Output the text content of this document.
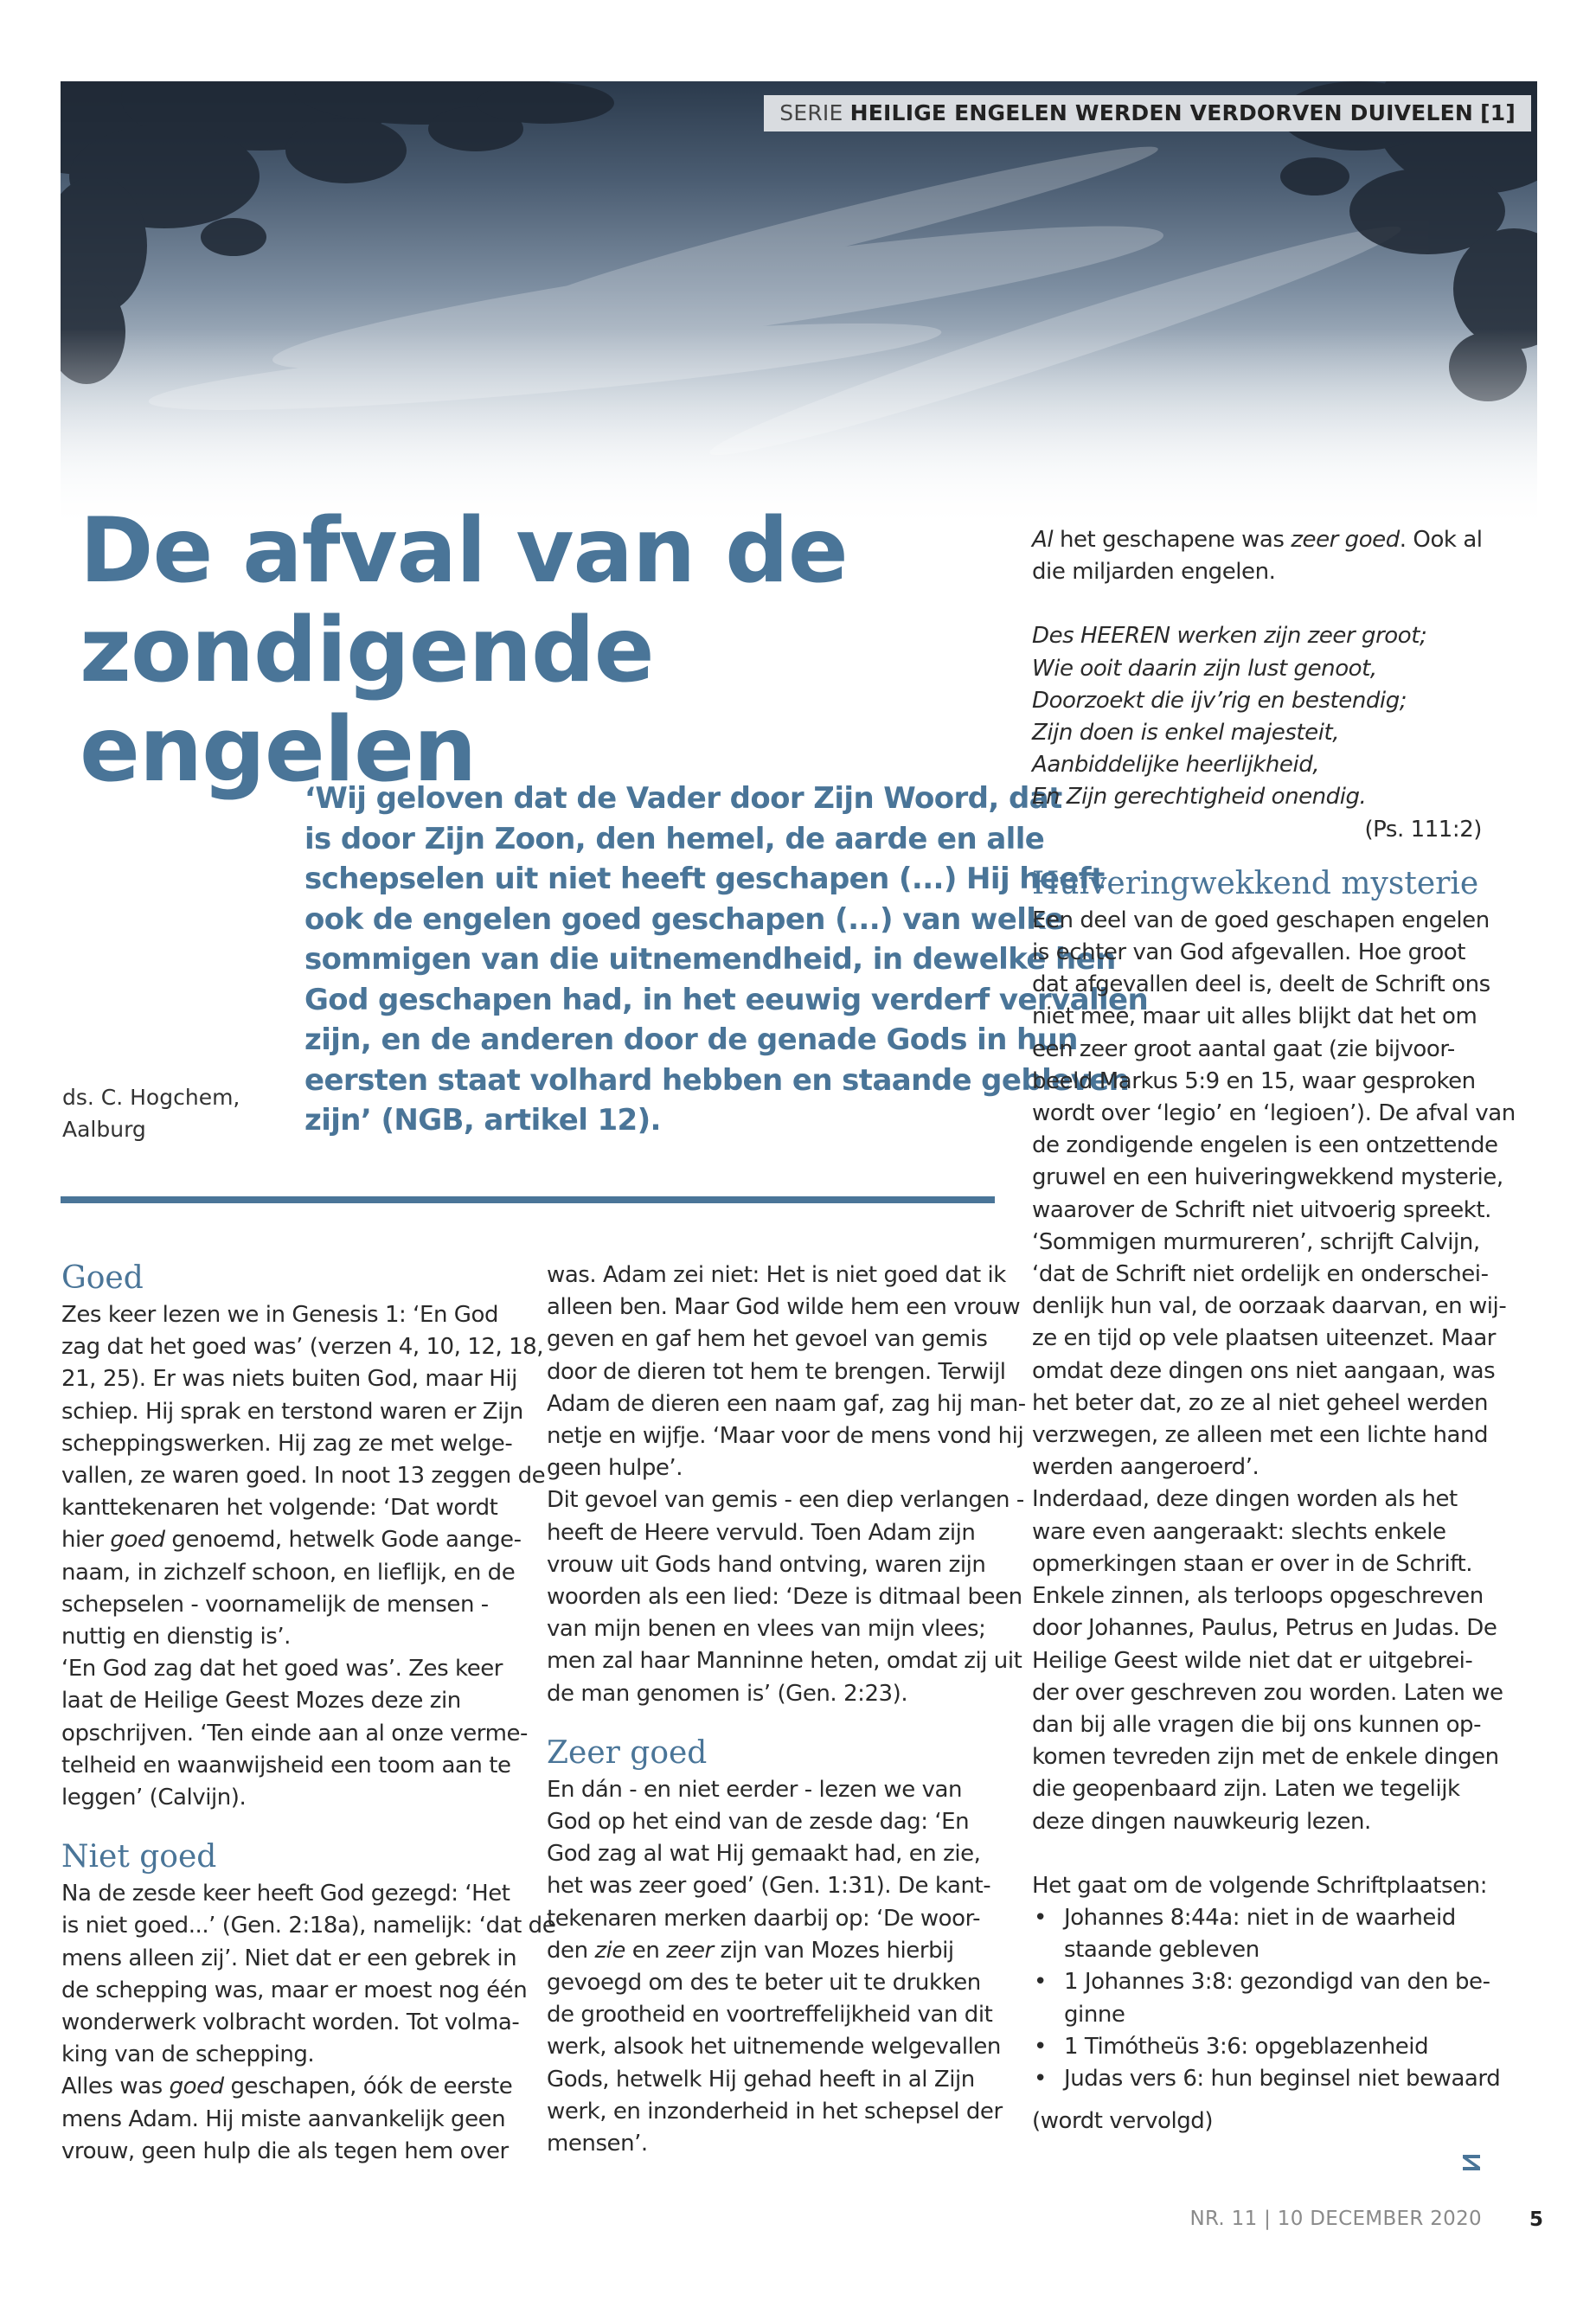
SERIE HEILIGE ENGELEN WERDEN VERDORVEN DUIVELEN [1]
De afval van de
zondigende engelen
ds. C. Hogchem,
Aalburg
‘Wij geloven dat de Vader door Zijn Woord, dat
is door Zijn Zoon, den hemel, de aarde en alle
schepselen uit niet heeft geschapen (...) Hij heeft
ook de engelen goed geschapen (...) van welke
sommigen van die uitnemendheid, in dewelke hen
God geschapen had, in het eeuwig verderf vervallen
zijn, en de anderen door de genade Gods in hun
eersten staat volhard hebben en staande gebleven
zijn’ (NGB, artikel 12).
Goed
Zes keer lezen we in Genesis 1: ‘En God
zag dat het goed was’ (verzen 4, 10, 12, 18,
21, 25). Er was niets buiten God, maar Hij
schiep. Hij sprak en terstond waren er Zijn
scheppingswerken. Hij zag ze met welge-
vallen, ze waren goed. In noot 13 zeggen de
kanttekenaren het volgende: ‘Dat wordt
hier goed genoemd, hetwelk Gode aange-
naam, in zichzelf schoon, en lieflijk, en de
schepselen - voornamelijk de mensen -
nuttig en dienstig is’.
‘En God zag dat het goed was’. Zes keer
laat de Heilige Geest Mozes deze zin
opschrijven. ‘Ten einde aan al onze verme-
telheid en waanwijsheid een toom aan te
leggen’ (Calvijn).
Niet goed
Na de zesde keer heeft God gezegd: ‘Het
is niet goed...’ (Gen. 2:18a), namelijk: ‘dat de
mens alleen zij’. Niet dat er een gebrek in
de schepping was, maar er moest nog één
wonderwerk volbracht worden. Tot volma-
king van de schepping.
Alles was goed geschapen, óók de eerste
mens Adam. Hij miste aanvankelijk geen
vrouw, geen hulp die als tegen hem over
was. Adam zei niet: Het is niet goed dat ik
alleen ben. Maar God wilde hem een vrouw
geven en gaf hem het gevoel van gemis
door de dieren tot hem te brengen. Terwijl
Adam de dieren een naam gaf, zag hij man-
netje en wijfje. ‘Maar voor de mens vond hij
geen hulpe’.
Dit gevoel van gemis - een diep verlangen -
heeft de Heere vervuld. Toen Adam zijn
vrouw uit Gods hand ontving, waren zijn
woorden als een lied: ‘Deze is ditmaal been
van mijn benen en vlees van mijn vlees;
men zal haar Manninne heten, omdat zij uit
de man genomen is’ (Gen. 2:23).
Zeer goed
En dán - en niet eerder - lezen we van
God op het eind van de zesde dag: ‘En
God zag al wat Hij gemaakt had, en zie,
het was zeer goed’ (Gen. 1:31). De kant-
tekenaren merken daarbij op: ‘De woor-
den zie en zeer zijn van Mozes hierbij
gevoegd om des te beter uit te drukken
de grootheid en voortreffelijkheid van dit
werk, alsook het uitnemende welgevallen
Gods, hetwelk Hij gehad heeft in al Zijn
werk, en inzonderheid in het schepsel der
mensen’.
Al het geschapene was zeer goed. Ook al
die miljarden engelen.
Des HEEREN werken zijn zeer groot;
Wie ooit daarin zijn lust genoot,
Doorzoekt die ijv’rig en bestendig;
Zijn doen is enkel majesteit,
Aanbiddelijke heerlijkheid,
En Zijn gerechtigheid onendig.
(Ps. 111:2)
Huiveringwekkend mysterie
Een deel van de goed geschapen engelen
is echter van God afgevallen. Hoe groot
dat afgevallen deel is, deelt de Schrift ons
niet mee, maar uit alles blijkt dat het om
een zeer groot aantal gaat (zie bijvoor-
beeld Markus 5:9 en 15, waar gesproken
wordt over ‘legio’ en ‘legioen’). De afval van
de zondigende engelen is een ontzettende
gruwel en een huiveringwekkend mysterie,
waarover de Schrift niet uitvoerig spreekt.
‘Sommigen murmureren’, schrijft Calvijn,
‘dat de Schrift niet ordelijk en onderschei-
denlijk hun val, de oorzaak daarvan, en wij-
ze en tijd op vele plaatsen uiteenzet. Maar
omdat deze dingen ons niet aangaan, was
het beter dat, zo ze al niet geheel werden
verzwegen, ze alleen met een lichte hand
werden aangeroerd’.
Inderdaad, deze dingen worden als het
ware even aangeraakt: slechts enkele
opmerkingen staan er over in de Schrift.
Enkele zinnen, als terloops opgeschreven
door Johannes, Paulus, Petrus en Judas. De
Heilige Geest wilde niet dat er uitgebrei-
der over geschreven zou worden. Laten we
dan bij alle vragen die bij ons kunnen op-
komen tevreden zijn met de enkele dingen
die geopenbaard zijn. Laten we tegelijk
deze dingen nauwkeurig lezen.
Het gaat om de volgende Schriftplaatsen:
• Johannes 8:44a: niet in de waarheid
staande gebleven
• 1 Johannes 3:8: gezondigd van den be-
ginne
• 1 Timótheüs 3:6: opgeblazenheid
• Judas vers 6: hun beginsel niet bewaard
(wordt vervolgd)
NR. 11 | 10 DECEMBER 2020 5
